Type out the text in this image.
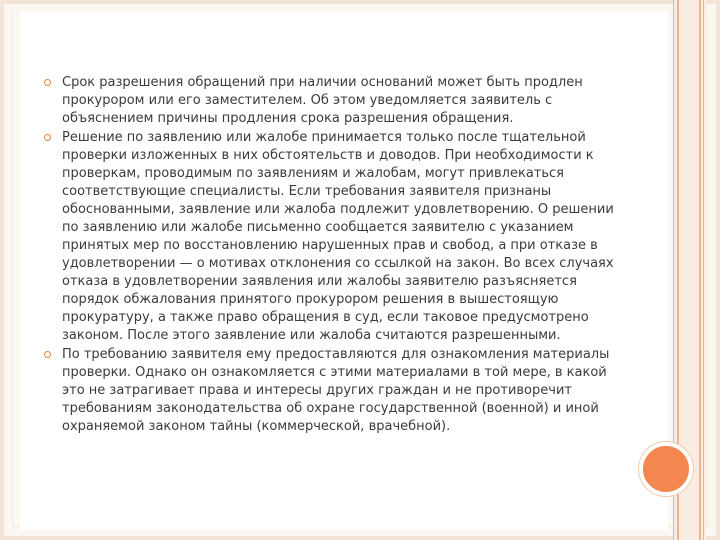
Срок разрешения обращений при наличии оснований может быть продлен прокурором или его заместителем. Об этом уведомляется заявитель с объяснением причины продления срока разрешения обращения.
Решение по заявлению или жалобе принимается только после тщательной проверки изложенных в них обстоятельств и доводов. При необходимости к проверкам, проводимым по заявлениям и жалобам, могут привлекаться соответствующие специалисты. Если требования заявителя признаны обоснованными, заявление или жалоба подлежит удовлетворению. О решении по заявлению или жалобе письменно сообщается заявителю с указанием принятых мер по восстановлению нарушенных прав и свобод, а при отказе в удовлетворении — о мотивах отклонения со ссылкой на закон. Во всех случаях отказа в удовлетворении заявления или жалобы заявителю разъясняется порядок обжалования принятого прокурором решения в вышестоящую прокуратуру, а также право обращения в суд, если таковое предусмотрено законом. После этого заявление или жалоба считаются разрешенными.
По требованию заявителя ему предоставляются для ознакомления материалы проверки. Однако он ознакомляется с этими материалами в той мере, в какой это не затрагивает права и интересы других граждан и не противоречит требованиям законодательства об охране государственной (военной) и иной охраняемой законом тайны (коммерческой, врачебной).
